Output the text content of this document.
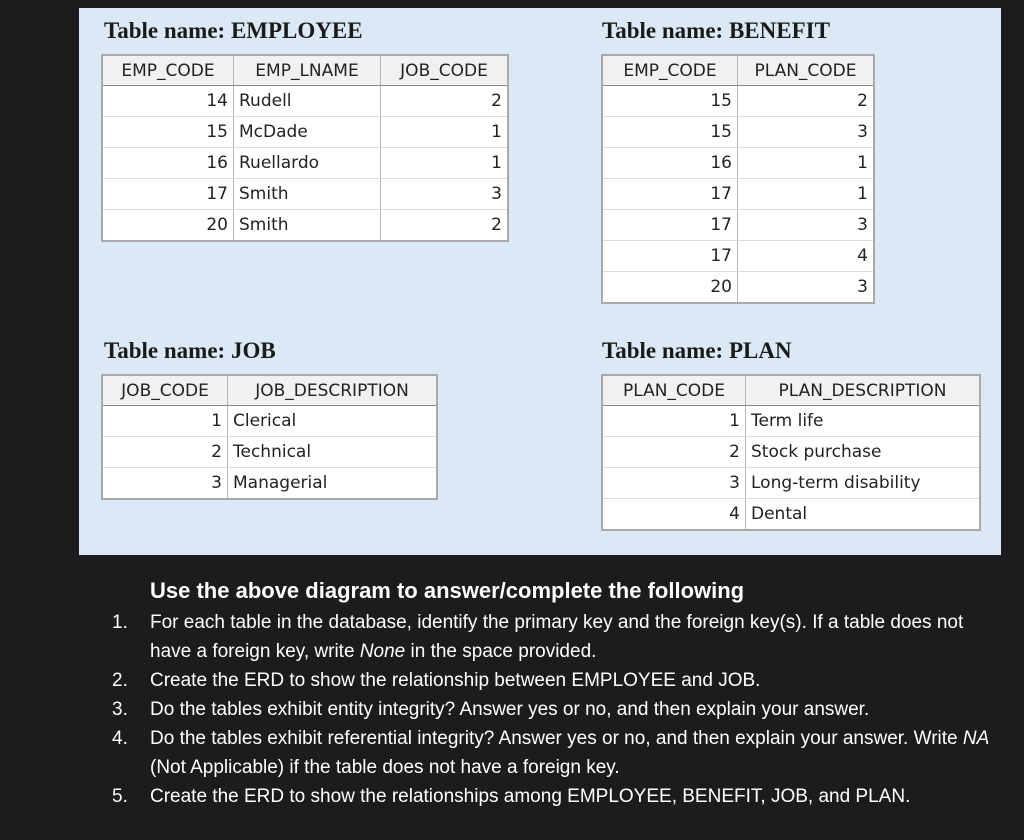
Table name: EMPLOYEE
EMP_CODE	EMP_LNAME	JOB_CODE
14	Rudell	2
15	McDade	1
16	Ruellardo	1
17	Smith	3
20	Smith	2
Table name: BENEFIT
EMP_CODE	PLAN_CODE
15	2
15	3
16	1
17	1
17	3
17	4
20	3
Table name: JOB
JOB_CODE	JOB_DESCRIPTION
1	Clerical
2	Technical
3	Managerial
Table name: PLAN
PLAN_CODE	PLAN_DESCRIPTION
1	Term life
2	Stock purchase
3	Long-term disability
4	Dental
Use the above diagram to answer/complete the following
1. For each table in the database, identify the primary key and the foreign key(s). If a table does not have a foreign key, write None in the space provided.
2. Create the ERD to show the relationship between EMPLOYEE and JOB.
3. Do the tables exhibit entity integrity? Answer yes or no, and then explain your answer.
4. Do the tables exhibit referential integrity? Answer yes or no, and then explain your answer. Write NA (Not Applicable) if the table does not have a foreign key.
5. Create the ERD to show the relationships among EMPLOYEE, BENEFIT, JOB, and PLAN.
